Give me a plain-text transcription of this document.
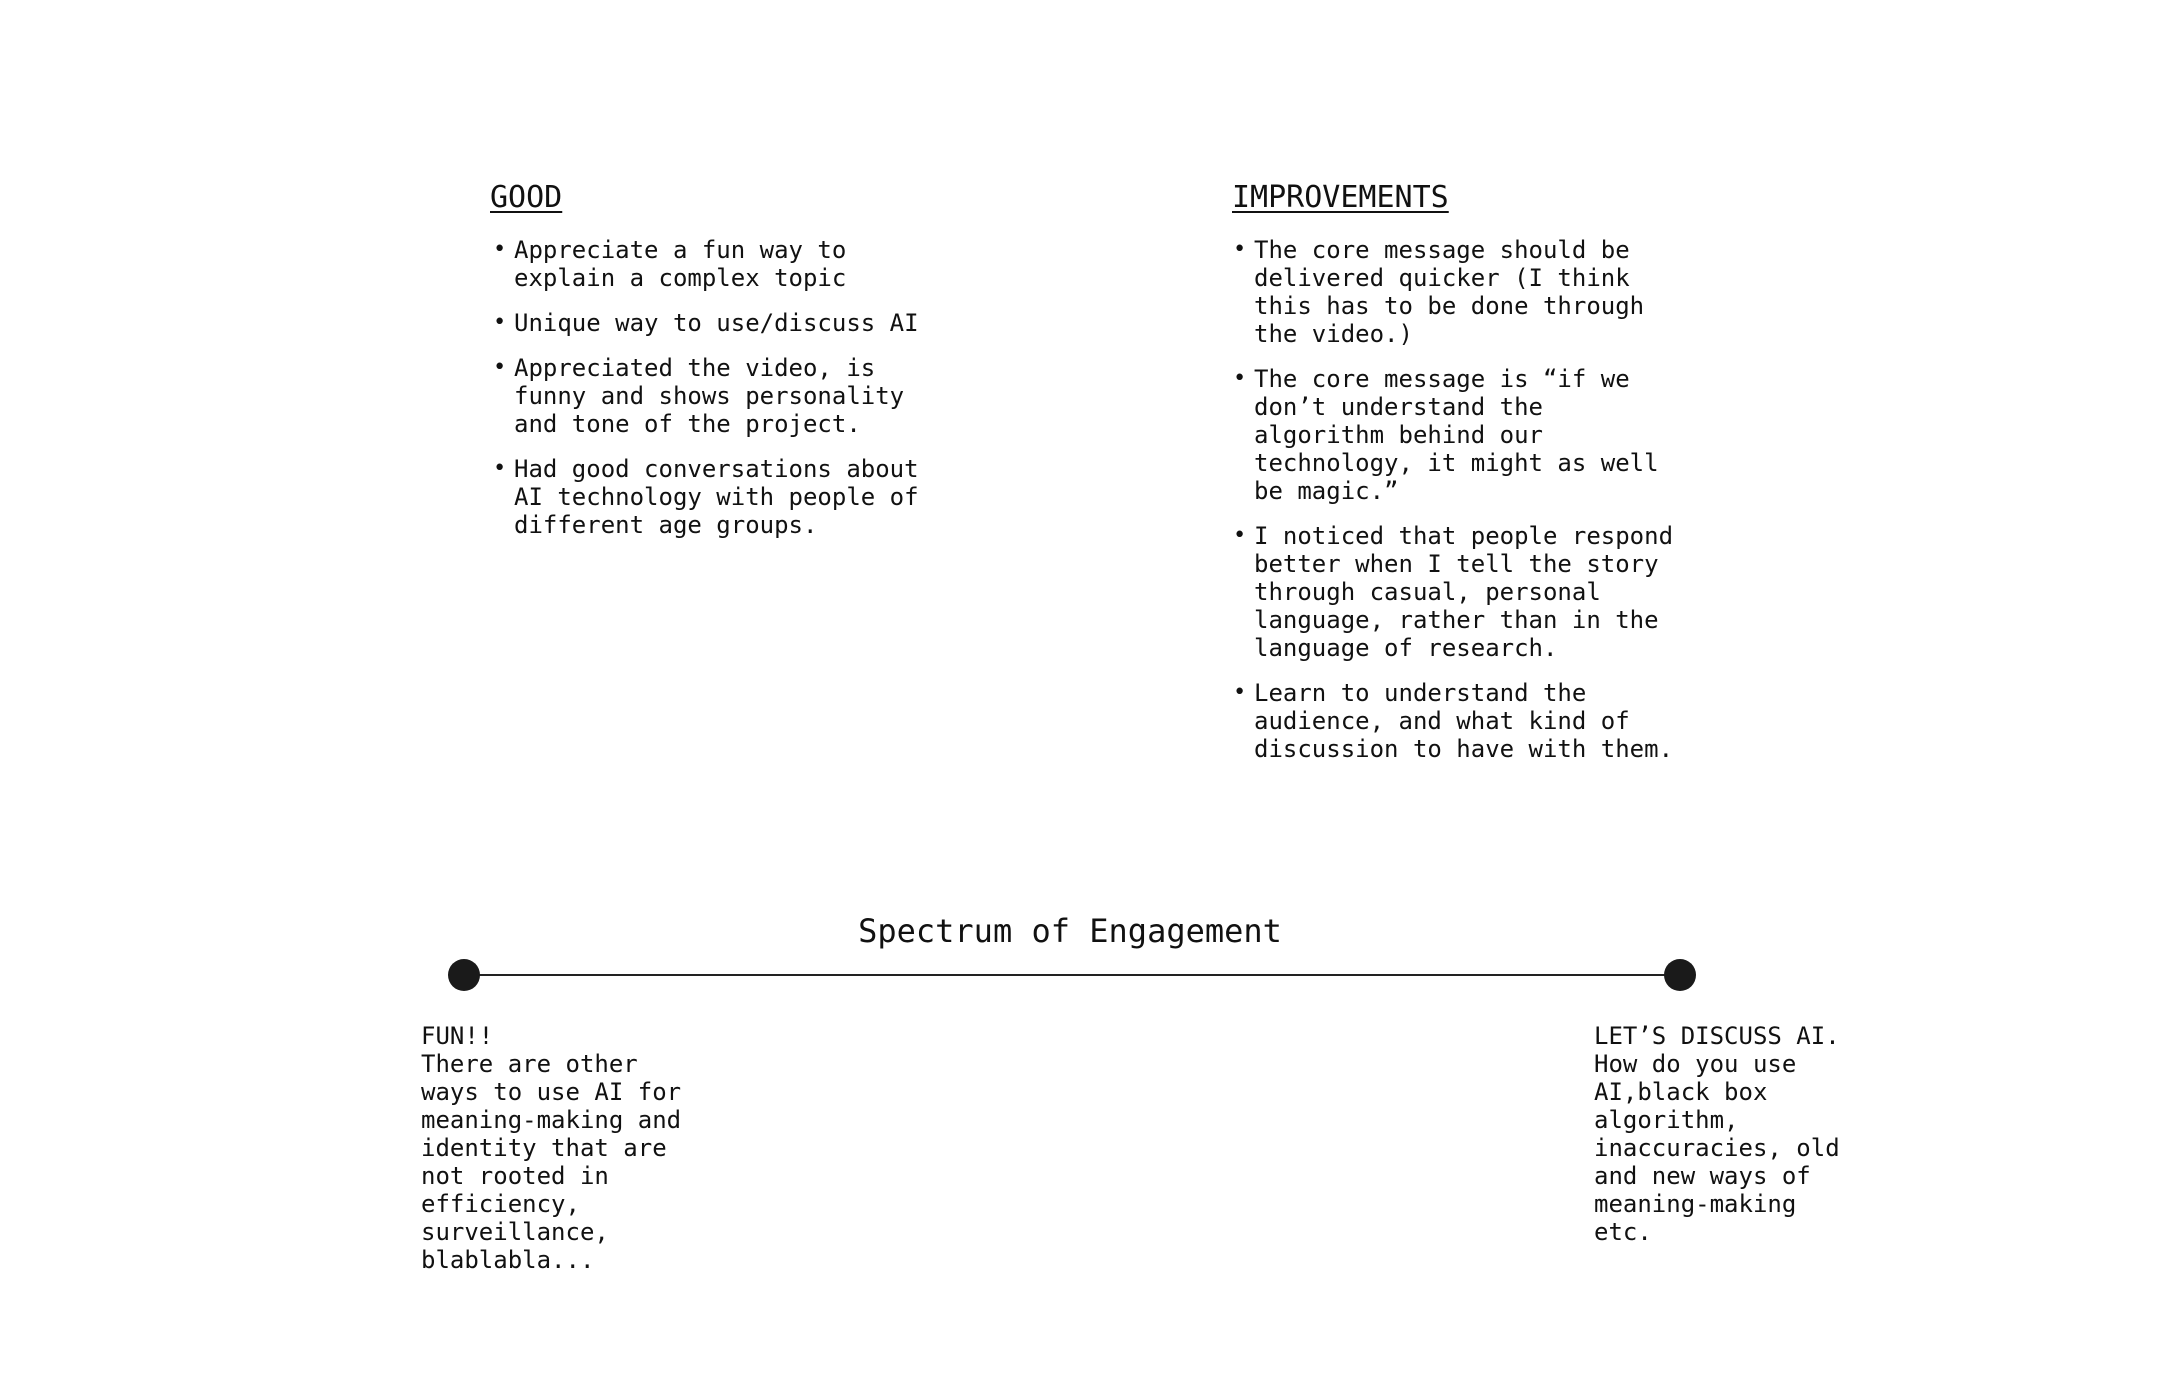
GOOD
• Appreciate a fun way to
explain a complex topic
• Unique way to use/discuss AI
• Appreciated the video, is
funny and shows personality
and tone of the project.
• Had good conversations about
AI technology with people of
different age groups.
IMPROVEMENTS
• The core message should be
delivered quicker (I think
this has to be done through
the video.)
• The core message is “if we
don’t understand the
algorithm behind our
technology, it might as well
be magic.”
• I noticed that people respond
better when I tell the story
through casual, personal
language, rather than in the
language of research.
• Learn to understand the
audience, and what kind of
discussion to have with them.
Spectrum of Engagement

FUN!!
There are other
ways to use AI for
meaning-making and
identity that are
not rooted in
efficiency,
surveillance,
blablabla...

LET’S DISCUSS AI.
How do you use
AI,black box
algorithm,
inaccuracies, old
and new ways of
meaning-making
etc.
